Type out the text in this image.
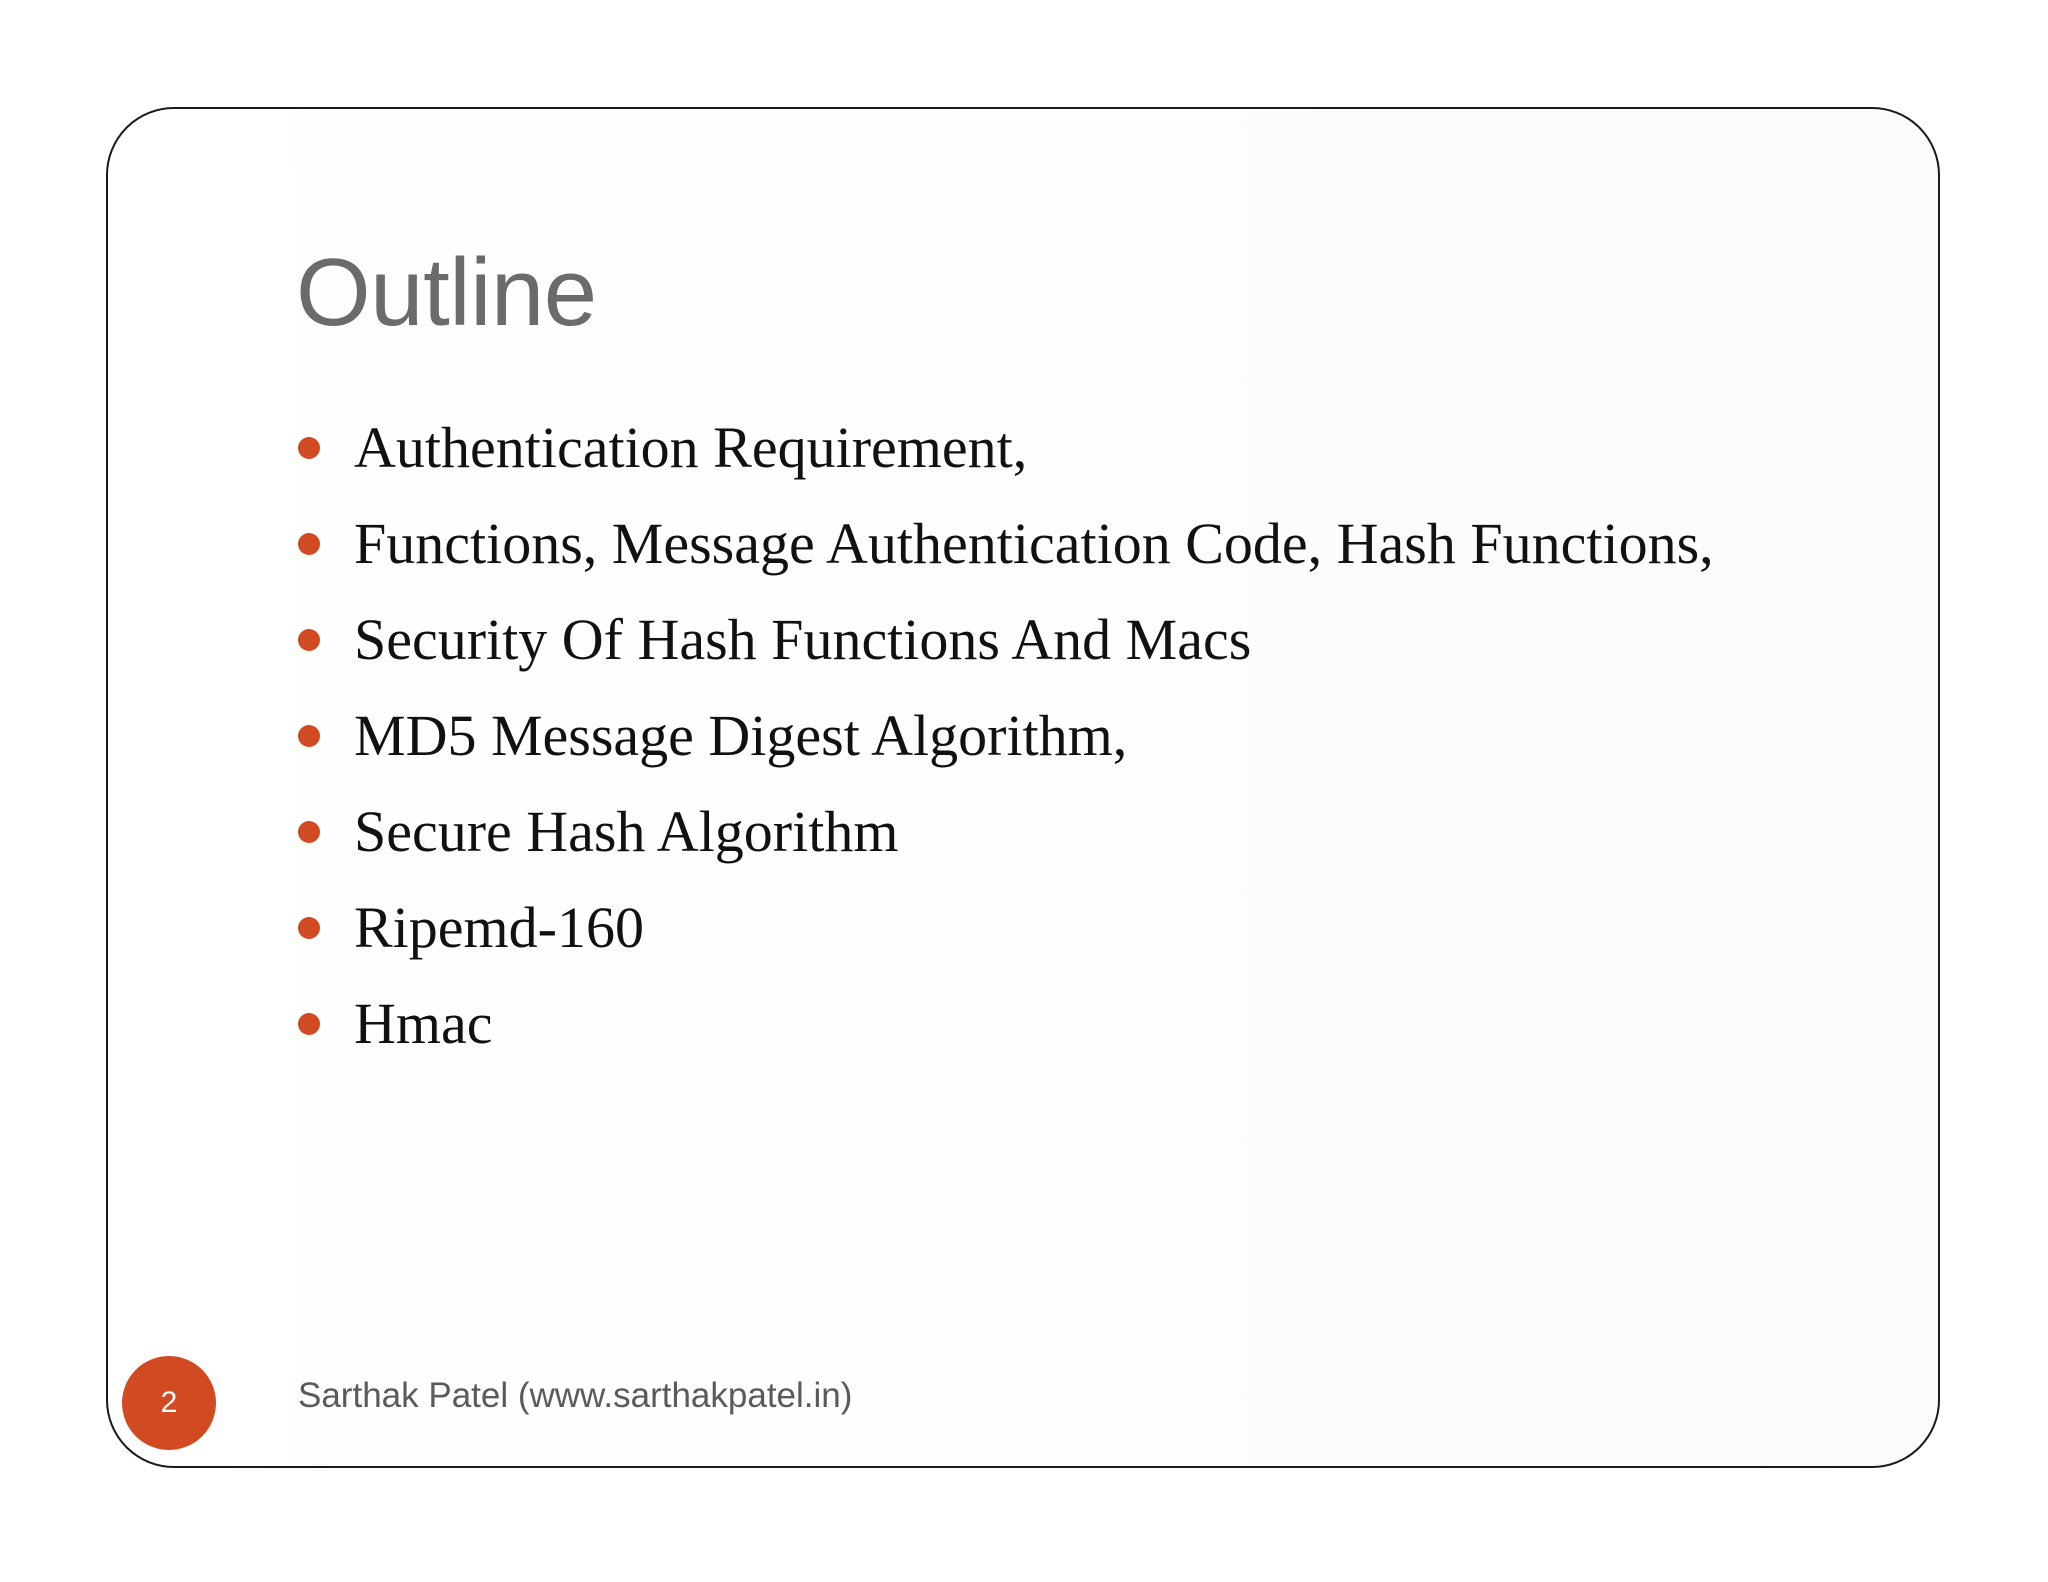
Outline
Authentication Requirement,
Functions, Message Authentication Code, Hash Functions,
Security Of Hash Functions And Macs
MD5 Message Digest Algorithm,
Secure Hash Algorithm
Ripemd-160
Hmac
2	Sarthak Patel (www.sarthakpatel.in)
